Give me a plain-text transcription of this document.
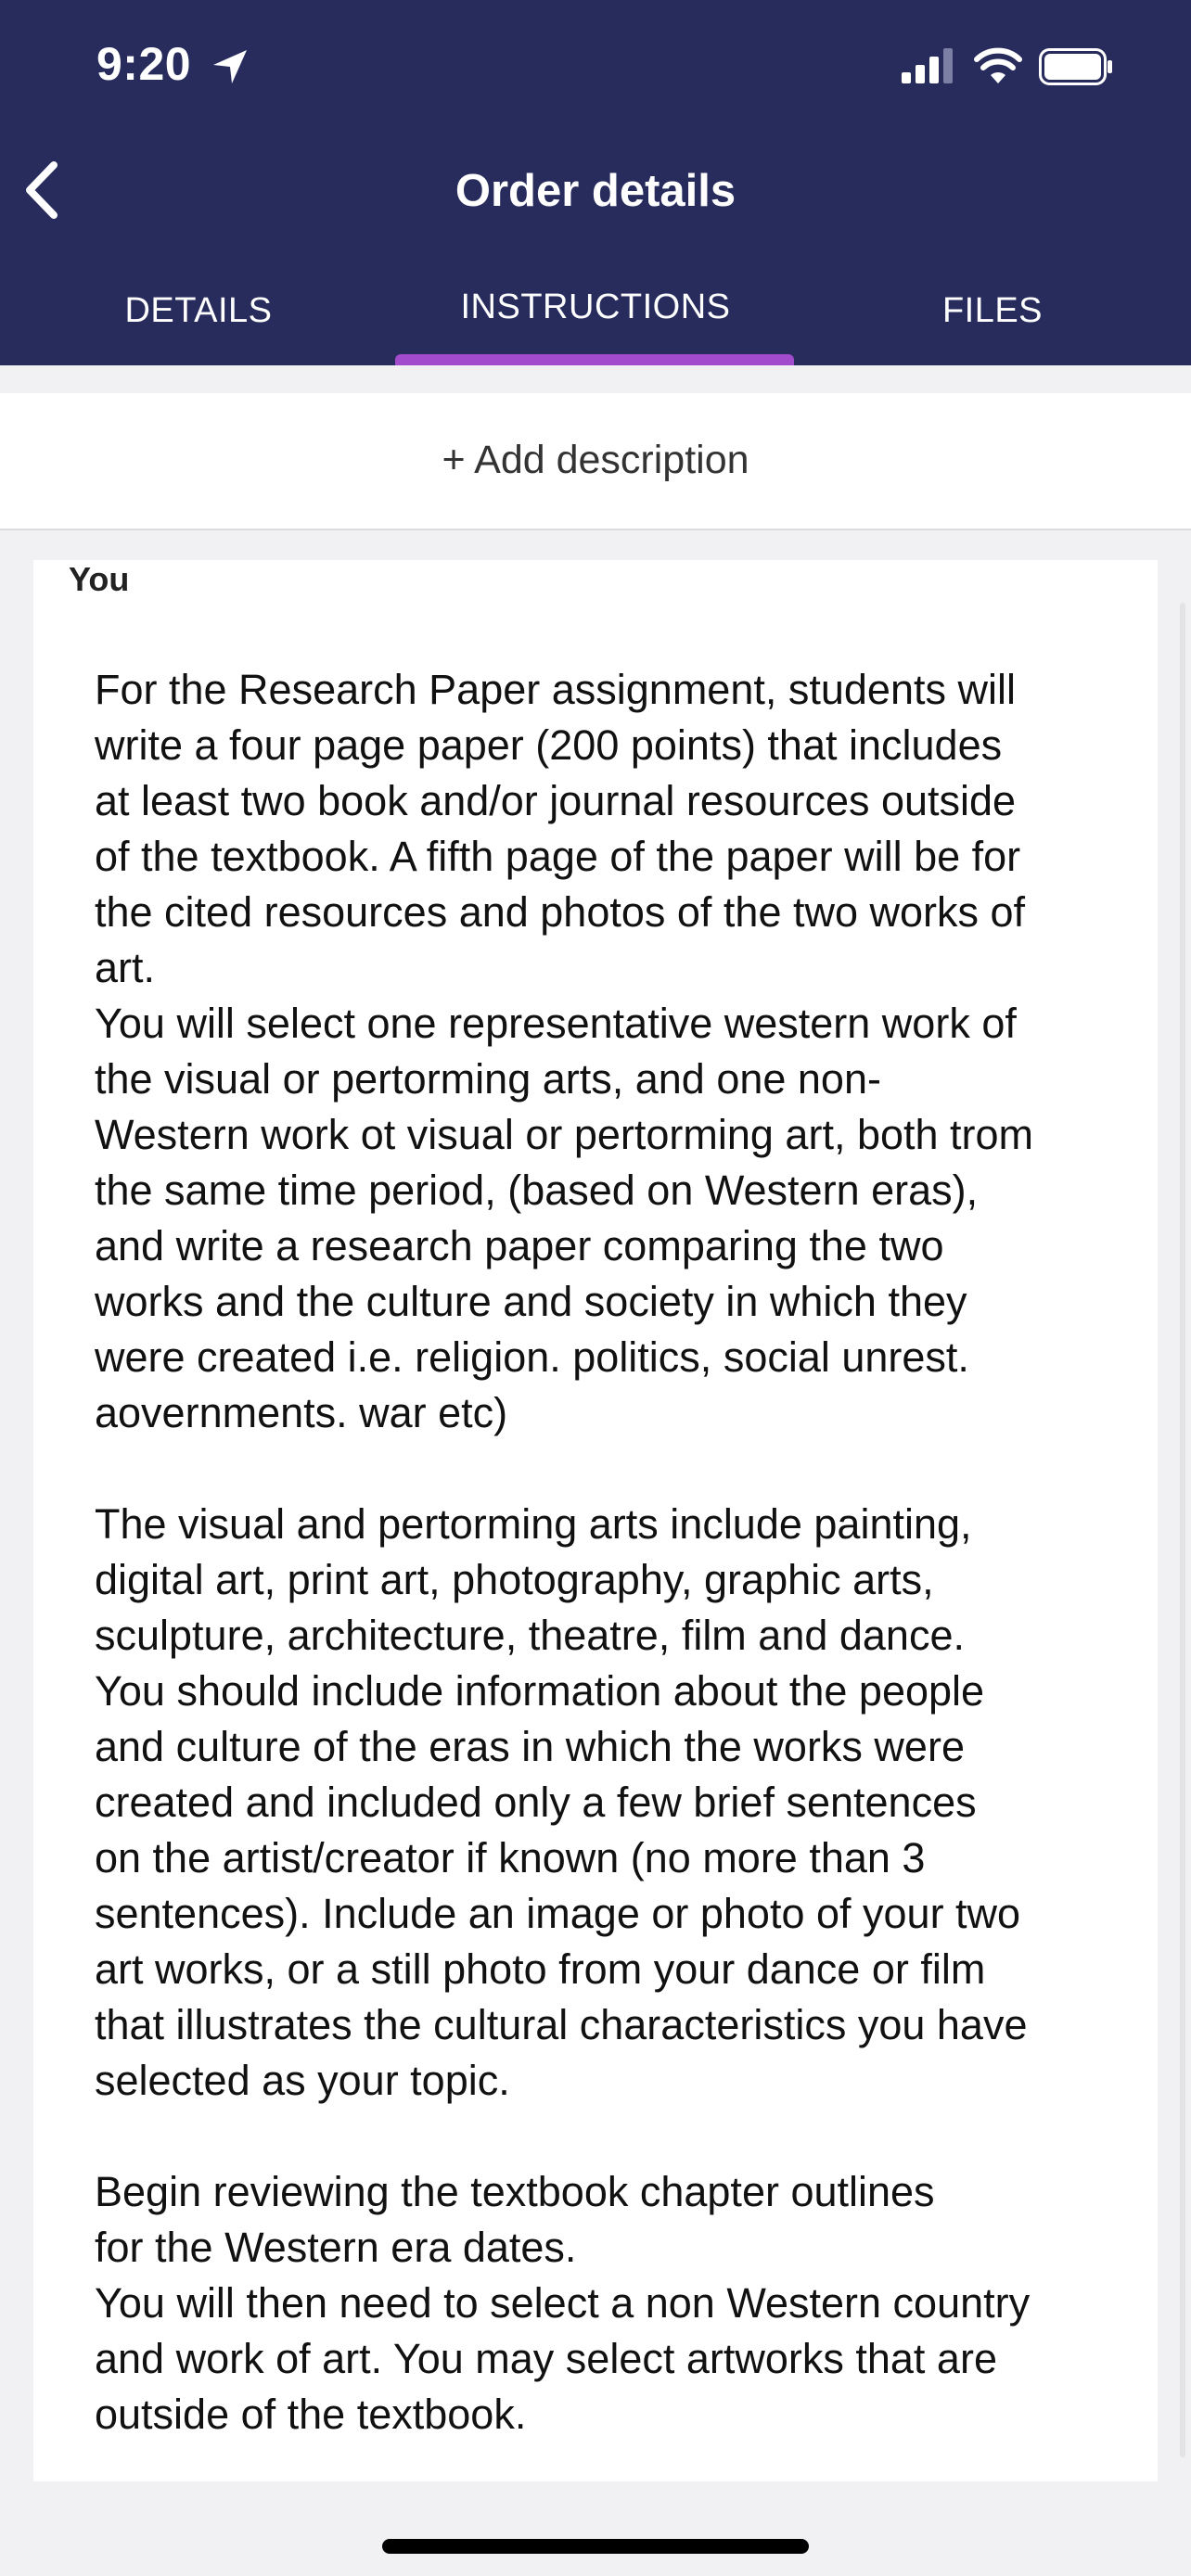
9:20
Order details
DETAILS	INSTRUCTIONS	FILES
+ Add description
You

For the Research Paper assignment, students will

write a four page paper (200 points) that includes

at least two book and/or journal resources outside

of the textbook. A fifth page of the paper will be for

the cited resources and photos of the two works of

art.

You will select one representative western work of

the visual or pertorming arts, and one non-

Western work ot visual or pertorming art, both trom

the same time period, (based on Western eras),

and write a research paper comparing the two

works and the culture and society in which they

were created i.e. religion. politics, social unrest.

aovernments. war etc)

The visual and pertorming arts include painting,

digital art, print art, photography, graphic arts,

sculpture, architecture, theatre, film and dance.

You should include information about the people

and culture of the eras in which the works were

created and included only a few brief sentences

on the artist/creator if known (no more than 3

sentences). Include an image or photo of your two

art works, or a still photo from your dance or film

that illustrates the cultural characteristics you have

selected as your topic.

Begin reviewing the textbook chapter outlines

for the Western era dates.

You will then need to select a non Western country

and work of art. You may select artworks that are

outside of the textbook.
